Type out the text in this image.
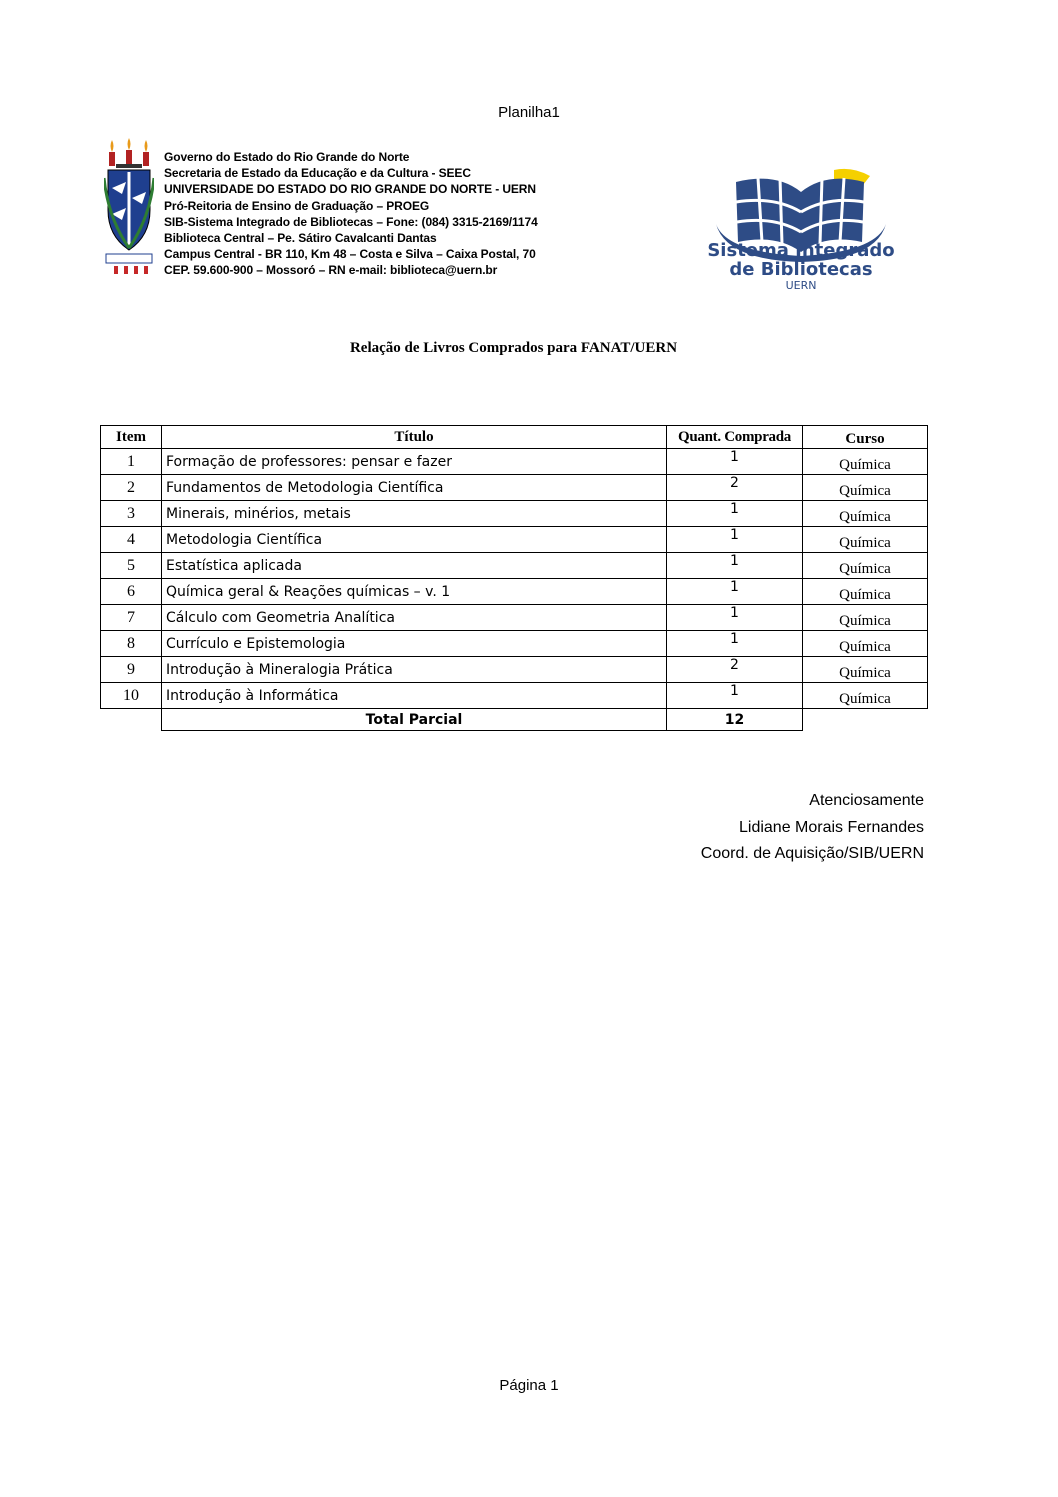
Planilha1
Governo do Estado do Rio Grande do Norte
Secretaria de Estado da Educação e da Cultura - SEEC
UNIVERSIDADE DO ESTADO DO RIO GRANDE DO NORTE - UERN
Pró-Reitoria de Ensino de Graduação – PROEG
SIB-Sistema Integrado de Bibliotecas – Fone: (084) 3315-2169/1174
Biblioteca Central – Pe. Sátiro Cavalcanti Dantas
Campus Central - BR 110, Km 48 – Costa e Silva – Caixa Postal, 70
CEP. 59.600-900 – Mossoró – RN e-mail: biblioteca@uern.br
Sistema Integrado
de Bibliotecas
UERN
Relação de Livros Comprados para FANAT/UERN
Item	Título	Quant. Comprada	Curso
1	Formação de professores: pensar e fazer	1	Química
2	Fundamentos de Metodologia Científica	2	Química
3	Minerais, minérios, metais	1	Química
4	Metodologia Científica	1	Química
5	Estatística aplicada	1	Química
6	Química geral & Reações químicas – v. 1	1	Química
7	Cálculo com Geometria Analítica	1	Química
8	Currículo e Epistemologia	1	Química
9	Introdução à Mineralogia Prática	2	Química
10	Introdução à Informática	1	Química
	Total Parcial	12	
Atenciosamente
Lidiane Morais Fernandes
Coord. de Aquisição/SIB/UERN
Página 1
